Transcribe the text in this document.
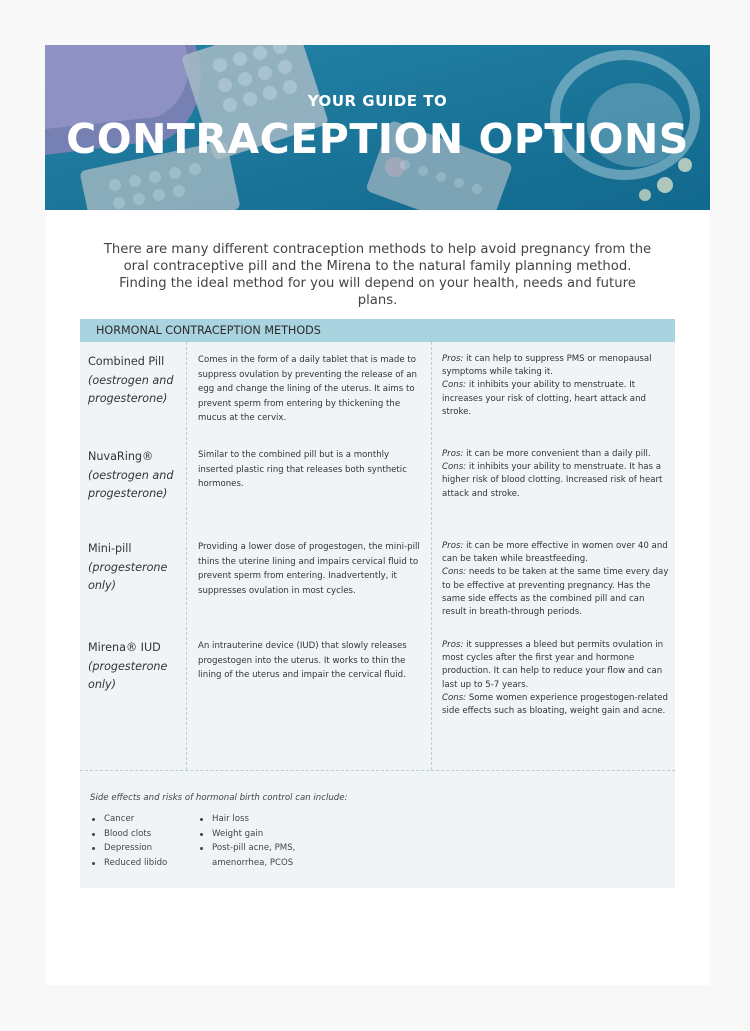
YOUR GUIDE TO
CONTRACEPTION OPTIONS
There are many different contraception methods to help avoid pregnancy from the oral contraceptive pill and the Mirena to the natural family planning method. Finding the ideal method for you will depend on your health, needs and future plans.
HORMONAL CONTRACEPTION METHODS
Combined Pill
(oestrogen and progesterone)
Comes in the form of a daily tablet that is made to suppress ovulation by preventing the release of an egg and change the lining of the uterus. It aims to prevent sperm from entering by thickening the mucus at the cervix.
Pros: it can help to suppress PMS or menopausal symptoms while taking it.
Cons: it inhibits your ability to menstruate. It increases your risk of clotting, heart attack and stroke.
NuvaRing®
(oestrogen and progesterone)
Similar to the combined pill but is a monthly inserted plastic ring that releases both synthetic hormones.
Pros: it can be more convenient than a daily pill.
Cons: it inhibits your ability to menstruate. It has a higher risk of blood clotting. Increased risk of heart attack and stroke.
Mini-pill
(progesterone only)
Providing a lower dose of progestogen, the mini-pill thins the uterine lining and impairs cervical fluid to prevent sperm from entering. Inadvertently, it suppresses ovulation in most cycles.
Pros: it can be more effective in women over 40 and can be taken while breastfeeding.
Cons: needs to be taken at the same time every day to be effective at preventing pregnancy. Has the same side effects as the combined pill and can result in breath-through periods.
Mirena® IUD
(progesterone only)
An intrauterine device (IUD) that slowly releases progestogen into the uterus. It works to thin the lining of the uterus and impair the cervical fluid.
Pros: it suppresses a bleed but permits ovulation in most cycles after the first year and hormone production. It can help to reduce your flow and can last up to 5-7 years.
Cons: Some women experience progestogen-related side effects such as bloating, weight gain and acne.
Side effects and risks of hormonal birth control can include:
Cancer
Blood clots
Depression
Reduced libido
Hair loss
Weight gain
Post-pill acne, PMS,
amenorrhea, PCOS
